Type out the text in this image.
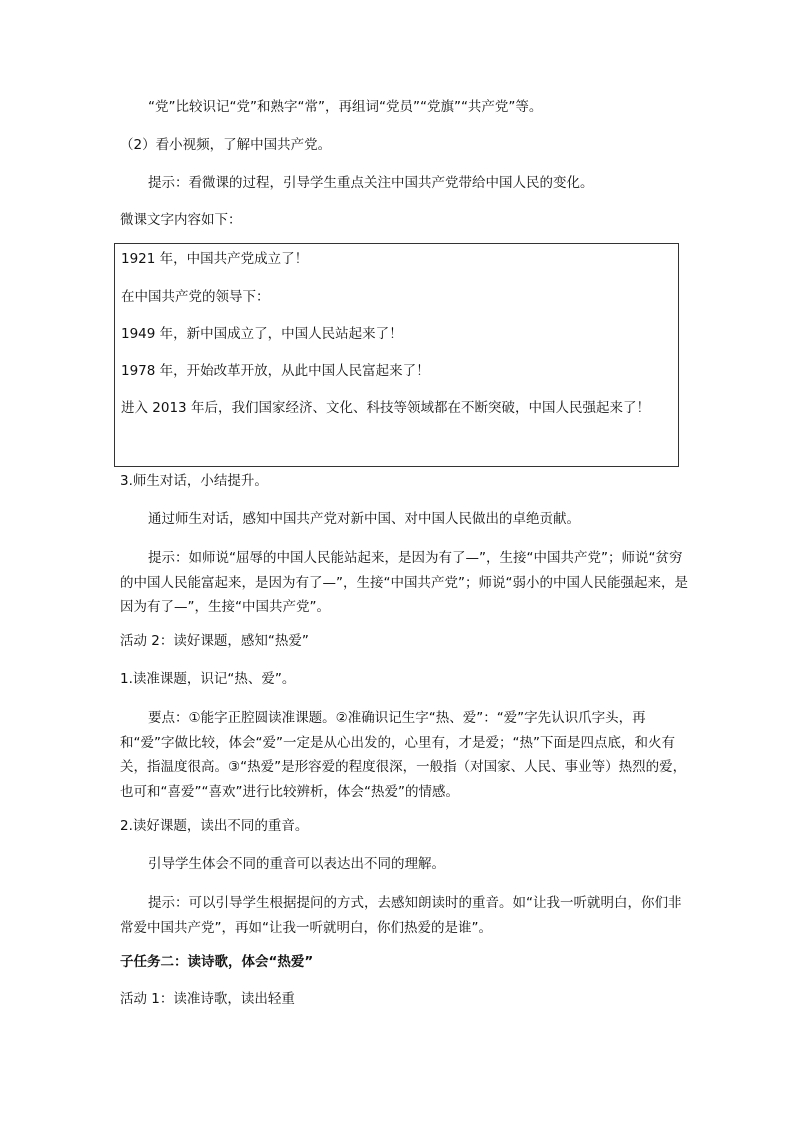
“党”比较识记“党”和熟字“常”，再组词“党员”“党旗”“共产党”等。

（2）看小视频，了解中国共产党。

提示：看微课的过程，引导学生重点关注中国共产党带给中国人民的变化。

微课文字内容如下：

1921 年，中国共产党成立了！

在中国共产党的领导下：

1949 年，新中国成立了，中国人民站起来了！

1978 年，开始改革开放，从此中国人民富起来了！

进入 2013 年后，我们国家经济、文化、科技等领域都在不断突破，中国人民强起来了！

3.师生对话，小结提升。

通过师生对话，感知中国共产党对新中国、对中国人民做出的卓绝贡献。

提示：如师说“屈辱的中国人民能站起来，是因为有了—”，生接“中国共产党”；师说“贫穷的中国人民能富起来，是因为有了—”，生接“中国共产党”；师说“弱小的中国人民能强起来，是因为有了—”，生接“中国共产党”。

活动 2：读好课题，感知“热爱”

1.读准课题，识记“热、爱”。

要点：①能字正腔圆读准课题。②准确识记生字“热、爱”：“爱”字先认识爪字头，再和“爱”字做比较，体会“爱”一定是从心出发的，心里有，才是爱；“热”下面是四点底，和火有关，指温度很高。③“热爱”是形容爱的程度很深，一般指（对国家、人民、事业等）热烈的爱，也可和“喜爱”“喜欢”进行比较辨析，体会“热爱”的情感。

2.读好课题，读出不同的重音。

引导学生体会不同的重音可以表达出不同的理解。

提示：可以引导学生根据提问的方式，去感知朗读时的重音。如“让我一听就明白，你们非常爱中国共产党”，再如“让我一听就明白，你们热爱的是谁”。

子任务二：读诗歌，体会“热爱”

活动 1：读准诗歌，读出轻重
